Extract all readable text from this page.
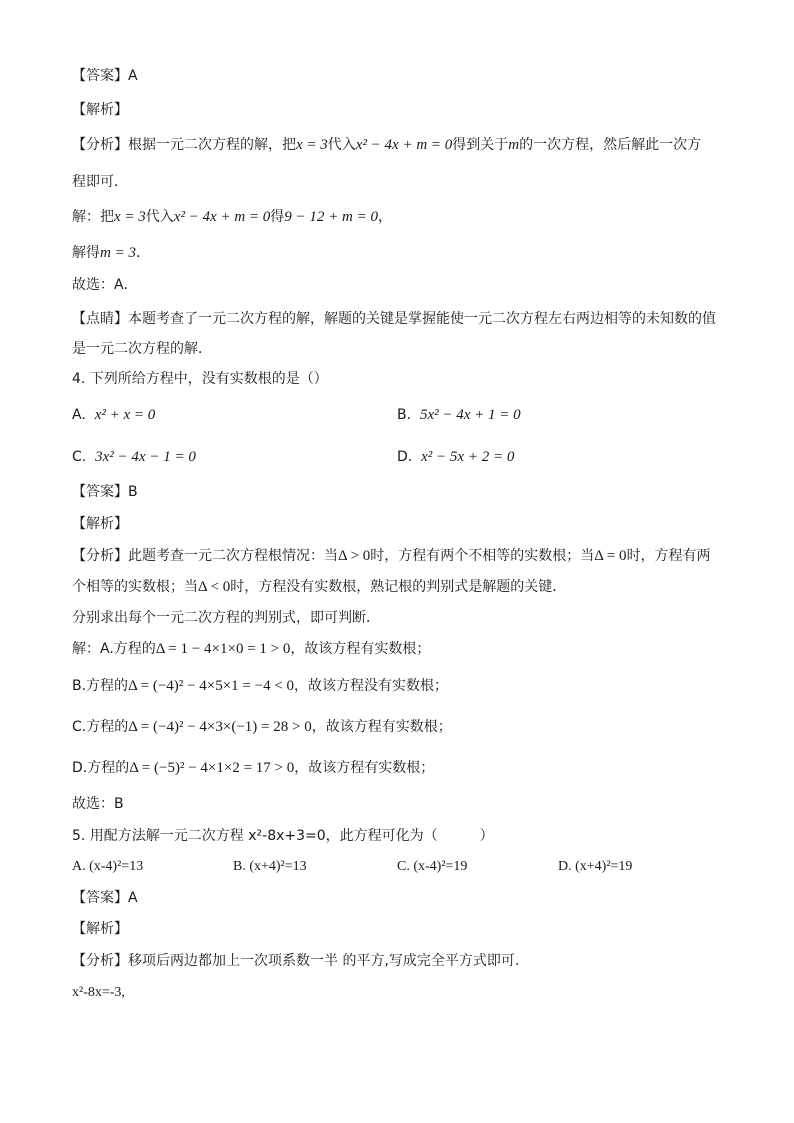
【答案】A
【解析】
【分析】根据一元二次方程的解，把x = 3代入x² − 4x + m = 0得到关于m的一次方程，然后解此一次方
程即可．
解：把x = 3代入x² − 4x + m = 0得9 − 12 + m = 0，
解得m = 3．
故选：A．
【点睛】本题考查了一元二次方程的解，解题的关键是掌握能使一元二次方程左右两边相等的未知数的值
是一元二次方程的解．
4. 下列所给方程中，没有实数根的是（）
A. x² + x = 0	B. 5x² − 4x + 1 = 0
C. 3x² − 4x − 1 = 0	D. x² − 5x + 2 = 0
【答案】B
【解析】
【分析】此题考查一元二次方程根情况：当Δ > 0时，方程有两个不相等的实数根；当Δ = 0时，方程有两
个相等的实数根；当Δ < 0时，方程没有实数根，熟记根的判别式是解题的关键．
分别求出每个一元二次方程的判别式，即可判断．
解：A.方程的Δ = 1 − 4×1×0 = 1 > 0，故该方程有实数根；
B.方程的Δ = (−4)² − 4×5×1 = −4 < 0，故该方程没有实数根；
C.方程的Δ = (−4)² − 4×3×(−1) = 28 > 0，故该方程有实数根；
D.方程的Δ = (−5)² − 4×1×2 = 17 > 0，故该方程有实数根；
故选：B
5. 用配方法解一元二次方程 x²-8x+3=0，此方程可化为（　　　）
A. (x-4)²=13	B. (x+4)²=13	C. (x-4)²=19	D. (x+4)²=19
【答案】A
【解析】
【分析】移项后两边都加上一次项系数一半 的平方,写成完全平方式即可.
x²-8x=-3,
